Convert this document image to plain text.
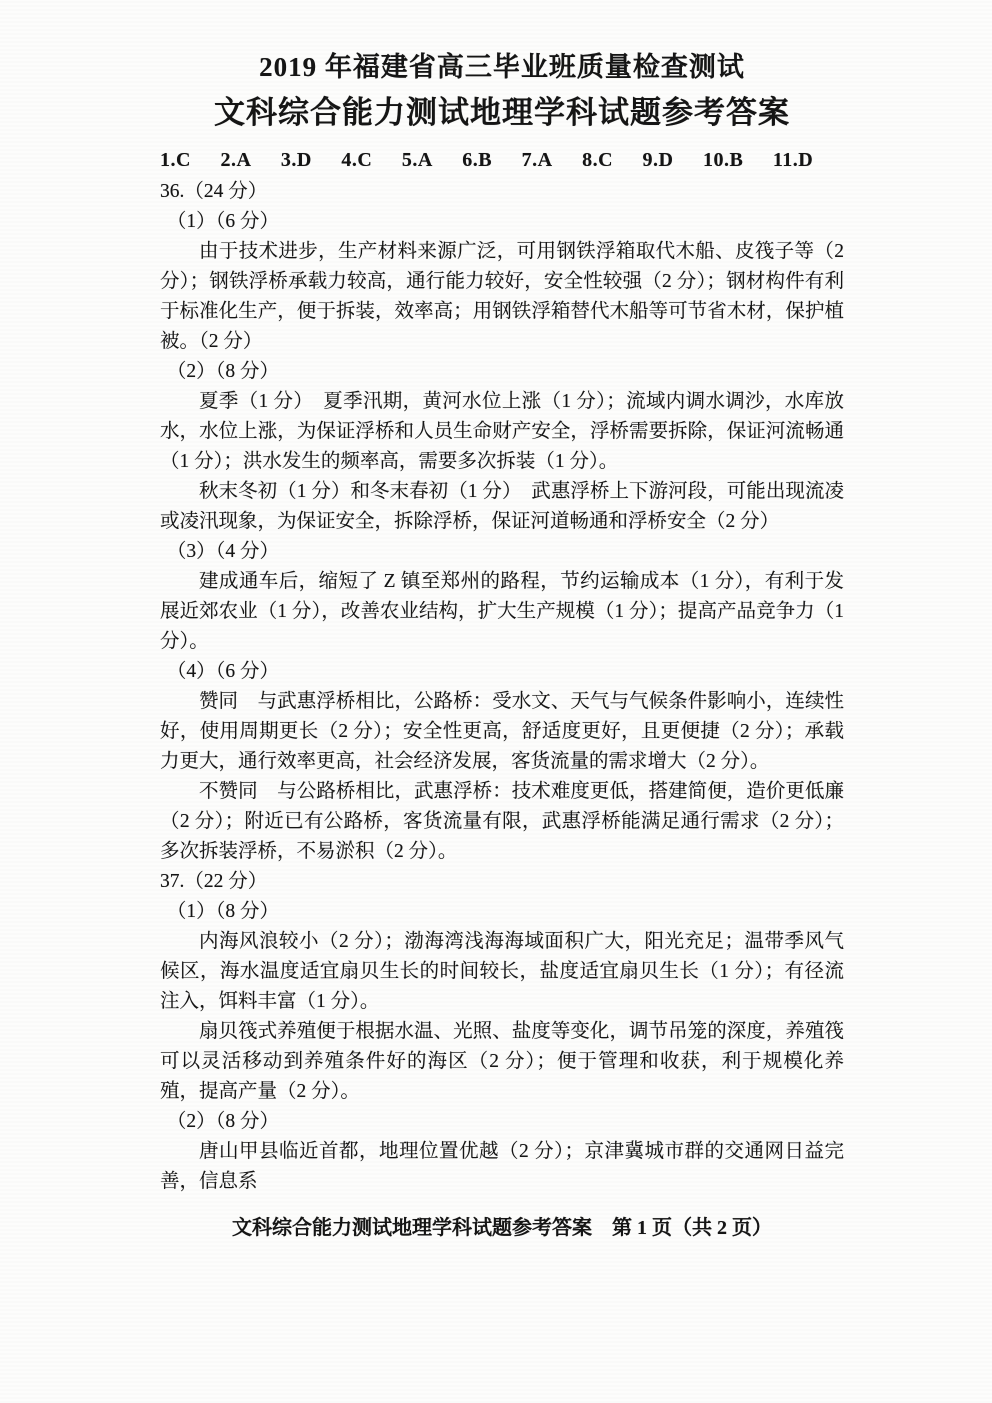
2019 年福建省高三毕业班质量检查测试
文科综合能力测试地理学科试题参考答案
1.C 2.A 3.D 4.C 5.A 6.B 7.A 8.C 9.D 10.B 11.D

36.（24 分）

（1）（6 分）

由于技术进步，生产材料来源广泛，可用钢铁浮箱取代木船、皮筏子等（2 分）；钢铁浮桥承载力较高，通行能力较好，安全性较强（2 分）；钢材构件有利于标准化生产，便于拆装，效率高；用钢铁浮箱替代木船等可节省木材，保护植被。（2 分）

（2）（8 分）

夏季（1 分）　夏季汛期，黄河水位上涨（1 分）；流域内调水调沙，水库放水，水位上涨，为保证浮桥和人员生命财产安全，浮桥需要拆除，保证河流畅通（1 分）；洪水发生的频率高，需要多次拆装（1 分）。

秋末冬初（1 分）和冬末春初（1 分）　武惠浮桥上下游河段，可能出现流凌或凌汛现象，为保证安全，拆除浮桥，保证河道畅通和浮桥安全（2 分）

（3）（4 分）

建成通车后，缩短了 Z 镇至郑州的路程，节约运输成本（1 分），有利于发展近郊农业（1 分），改善农业结构，扩大生产规模（1 分）；提高产品竞争力（1 分）。

（4）（6 分）

赞同　与武惠浮桥相比，公路桥：受水文、天气与气候条件影响小，连续性好，使用周期更长（2 分）；安全性更高，舒适度更好，且更便捷（2 分）；承载力更大，通行效率更高，社会经济发展，客货流量的需求增大（2 分）。

不赞同　与公路桥相比，武惠浮桥：技术难度更低，搭建简便，造价更低廉（2 分）；附近已有公路桥，客货流量有限，武惠浮桥能满足通行需求（2 分）；多次拆装浮桥，不易淤积（2 分）。

37.（22 分）

（1）（8 分）

内海风浪较小（2 分）；渤海湾浅海海域面积广大，阳光充足；温带季风气候区，海水温度适宜扇贝生长的时间较长，盐度适宜扇贝生长（1 分）；有径流注入，饵料丰富（1 分）。

扇贝筏式养殖便于根据水温、光照、盐度等变化，调节吊笼的深度，养殖筏可以灵活移动到养殖条件好的海区（2 分）；便于管理和收获，利于规模化养殖，提高产量（2 分）。

（2）（8 分）

唐山甲县临近首都，地理位置优越（2 分）；京津冀城市群的交通网日益完善，信息系

文科综合能力测试地理学科试题参考答案　第 1 页（共 2 页）
